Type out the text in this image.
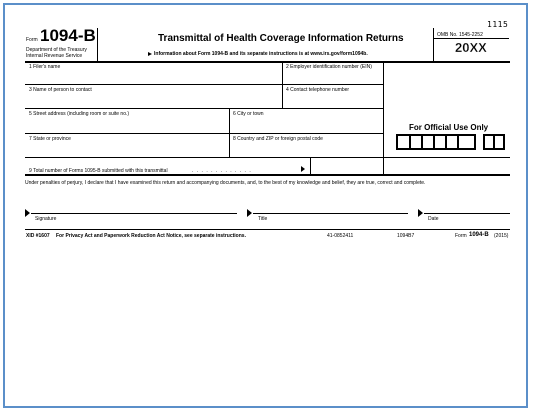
Form 1094-B
Department of the Treasury
Internal Revenue Service
Transmittal of Health Coverage Information Returns
Information about Form 1094-B and its separate instructions is at www.irs.gov/form1094b.
1115
OMB No. 1545-2252
20XX
1 Filer's name	2 Employer identification number (EIN)
3 Name of person to contact	4 Contact telephone number
5 Street address (including room or suite no.)	6 City or town
7 State or province	8 Country and ZIP or foreign postal code
9 Total number of Forms 1095-B submitted with this transmittal	. . . . . . . . . . . . .
For Official Use Only
Under penalties of perjury, I declare that I have examined this return and accompanying documents, and, to the best of my knowledge and belief, they are true, correct and complete.
Signature	Title	Date
XID #1607 For Privacy Act and Paperwork Reduction Act Notice, see separate instructions.	41-0852411	1094B7	Form 1094-B (2015)
